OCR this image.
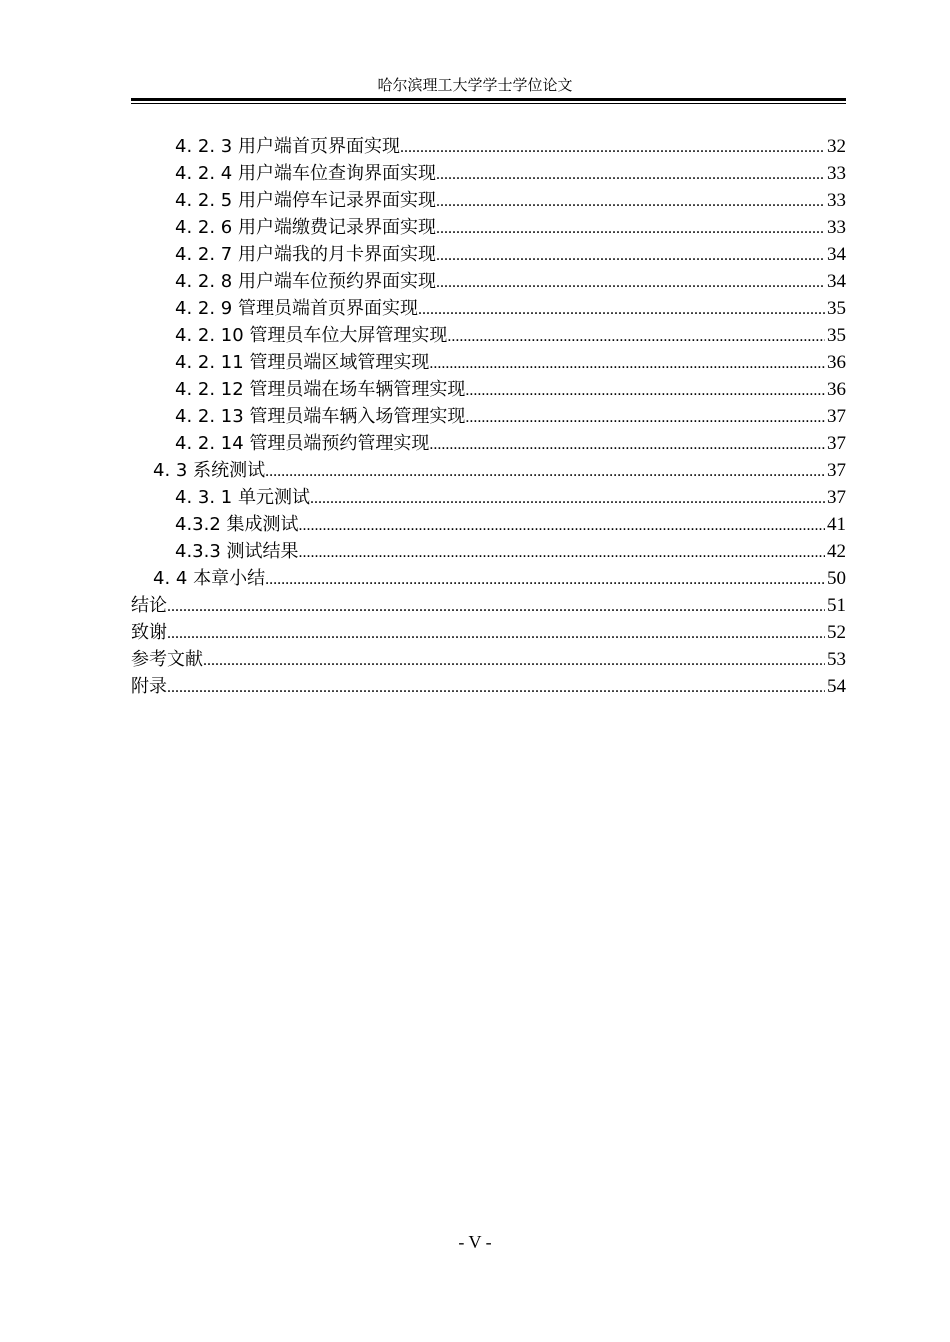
哈尔滨理工大学学士学位论文
4. 2. 3 用户端首页界面实现 .....	32
4. 2. 4 用户端车位查询界面实现 .....	33
4. 2. 5 用户端停车记录界面实现 .....	33
4. 2. 6 用户端缴费记录界面实现 .....	33
4. 2. 7 用户端我的月卡界面实现 .....	34
4. 2. 8 用户端车位预约界面实现 .....	34
4. 2. 9 管理员端首页界面实现 .....	35
4. 2. 10 管理员车位大屏管理实现 .....	35
4. 2. 11 管理员端区域管理实现 .....	36
4. 2. 12 管理员端在场车辆管理实现 .....	36
4. 2. 13 管理员端车辆入场管理实现 .....	37
4. 2. 14 管理员端预约管理实现 .....	37
4. 3 系统测试 .....	37
4. 3. 1 单元测试 .....	37
4.3.2 集成测试 .....	41
4.3.3 测试结果 .....	42
4. 4 本章小结 .....	50
结论 .....	51
致谢 .....	52
参考文献 .....	53
附录 .....	54
- V -
